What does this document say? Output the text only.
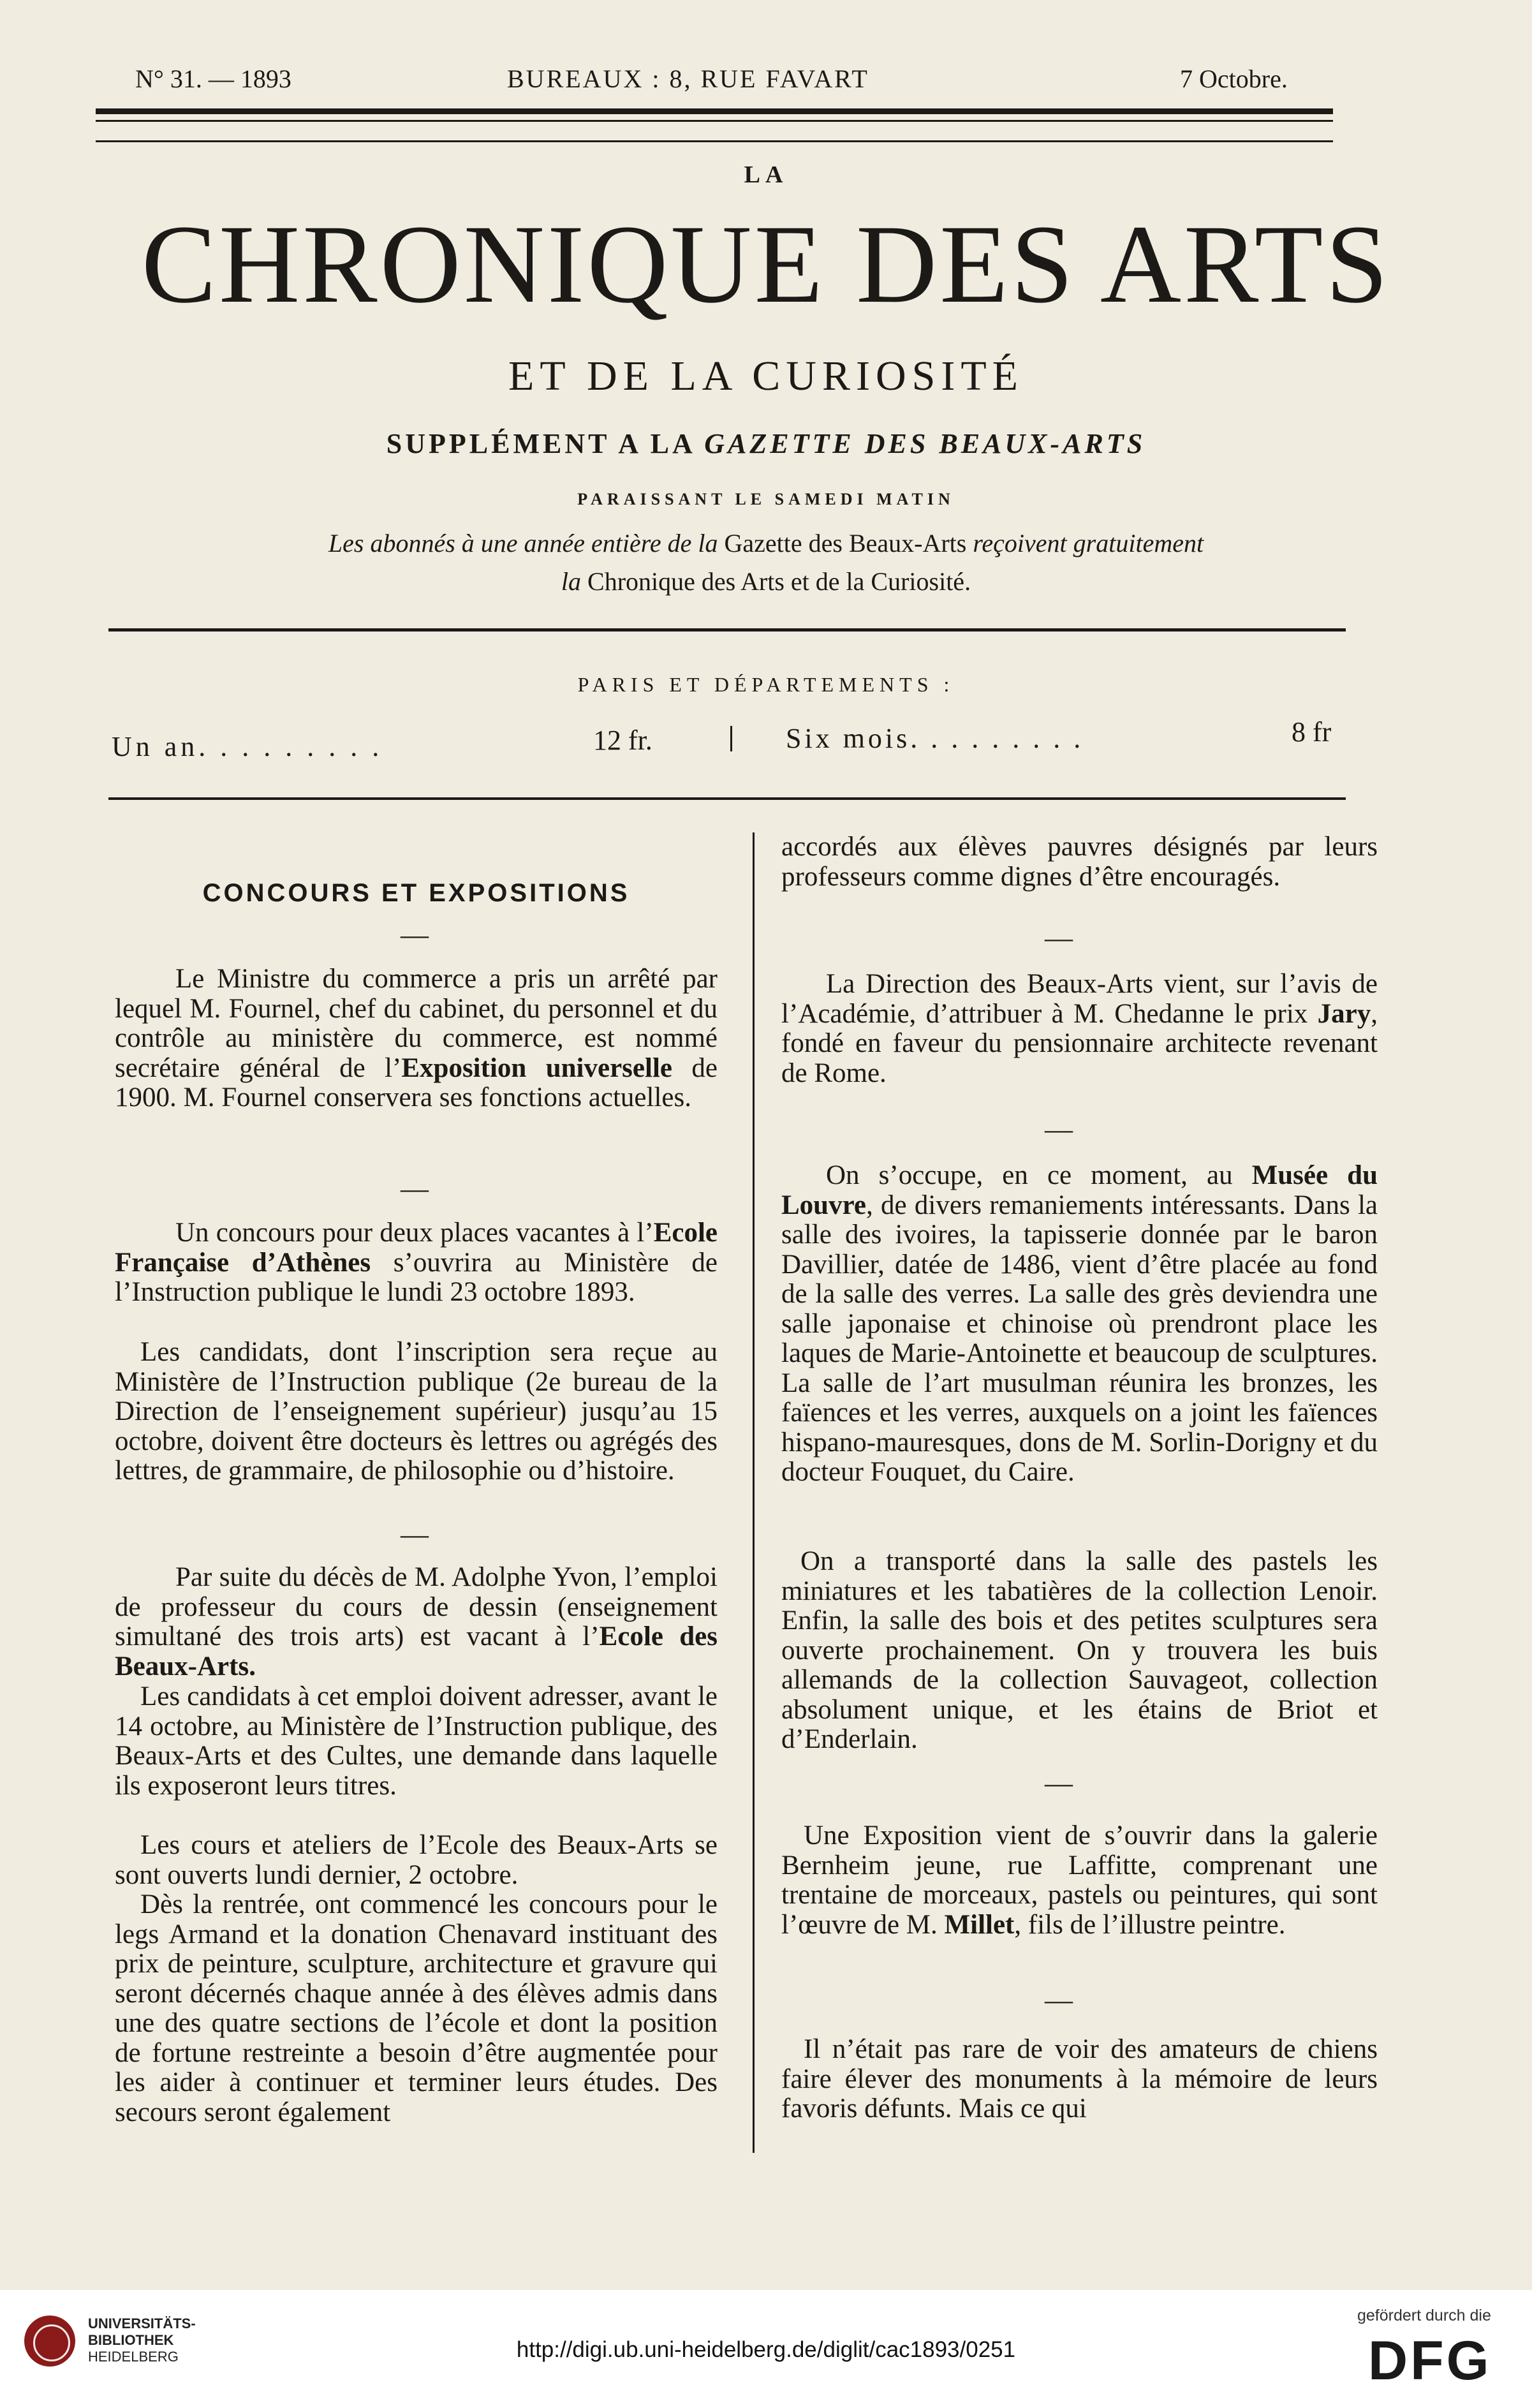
N° 31. — 1893	BUREAUX : 8, RUE FAVART	7 Octobre.
LA
CHRONIQUE DES ARTS
ET DE LA CURIOSITÉ
SUPPLÉMENT A LA GAZETTE DES BEAUX-ARTS
PARAISSANT LE SAMEDI MATIN
Les abonnés à une année entière de la Gazette des Beaux-Arts reçoivent gratuitement
la Chronique des Arts et de la Curiosité.
PARIS ET DÉPARTEMENTS :
Un an. . . . . . . . .	12 fr.	Six mois. . . . . . . . .	8 fr
CONCOURS ET EXPOSITIONS
—

Le Ministre du commerce a pris un arrêté par lequel M. Fournel, chef du cabinet, du personnel et du contrôle au ministère du commerce, est nommé secrétaire général de l’Exposition universelle de 1900. M. Fournel conservera ses fonctions actuelles.

—

Un concours pour deux places vacantes à l’Ecole Française d’Athènes s’ouvrira au Ministère de l’Instruction publique le lundi 23 octobre 1893.

Les candidats, dont l’inscription sera reçue au Ministère de l’Instruction publique (2e bureau de la Direction de l’enseignement supérieur) jusqu’au 15 octobre, doivent être docteurs ès lettres ou agrégés des lettres, de grammaire, de philosophie ou d’histoire.

—

Par suite du décès de M. Adolphe Yvon, l’emploi de professeur du cours de dessin (enseignement simultané des trois arts) est vacant à l’Ecole des Beaux-Arts.

Les candidats à cet emploi doivent adresser, avant le 14 octobre, au Ministère de l’Instruction publique, des Beaux-Arts et des Cultes, une demande dans laquelle ils exposeront leurs titres.

Les cours et ateliers de l’Ecole des Beaux-Arts se sont ouverts lundi dernier, 2 octobre.

Dès la rentrée, ont commencé les concours pour le legs Armand et la donation Chenavard instituant des prix de peinture, sculpture, architecture et gravure qui seront décernés chaque année à des élèves admis dans une des quatre sections de l’école et dont la position de fortune restreinte a besoin d’être augmentée pour les aider à continuer et terminer leurs études. Des secours seront également

accordés aux élèves pauvres désignés par leurs professeurs comme dignes d’être encouragés.

—

La Direction des Beaux-Arts vient, sur l’avis de l’Académie, d’attribuer à M. Chedanne le prix Jary, fondé en faveur du pensionnaire architecte revenant de Rome.

—

On s’occupe, en ce moment, au Musée du Louvre, de divers remaniements intéressants. Dans la salle des ivoires, la tapisserie donnée par le baron Davillier, datée de 1486, vient d’être placée au fond de la salle des verres. La salle des grès deviendra une salle japonaise et chinoise où prendront place les laques de Marie-Antoinette et beaucoup de sculptures. La salle de l’art musulman réunira les bronzes, les faïences et les verres, auxquels on a joint les faïences hispano-mauresques, dons de M. Sorlin-Dorigny et du docteur Fouquet, du Caire.

On a transporté dans la salle des pastels les miniatures et les tabatières de la collection Lenoir. Enfin, la salle des bois et des petites sculptures sera ouverte prochainement. On y trouvera les buis allemands de la collection Sauvageot, collection absolument unique, et les étains de Briot et d’Enderlain.

—

Une Exposition vient de s’ouvrir dans la galerie Bernheim jeune, rue Laffitte, comprenant une trentaine de morceaux, pastels ou peintures, qui sont l’œuvre de M. Millet, fils de l’illustre peintre.

—

Il n’était pas rare de voir des amateurs de chiens faire élever des monuments à la mémoire de leurs favoris défunts. Mais ce qui

UNIVERSITÄTS-
BIBLIOTHEK
HEIDELBERG	http://digi.ub.uni-heidelberg.de/diglit/cac1893/0251
gefördert durch die
DFG
